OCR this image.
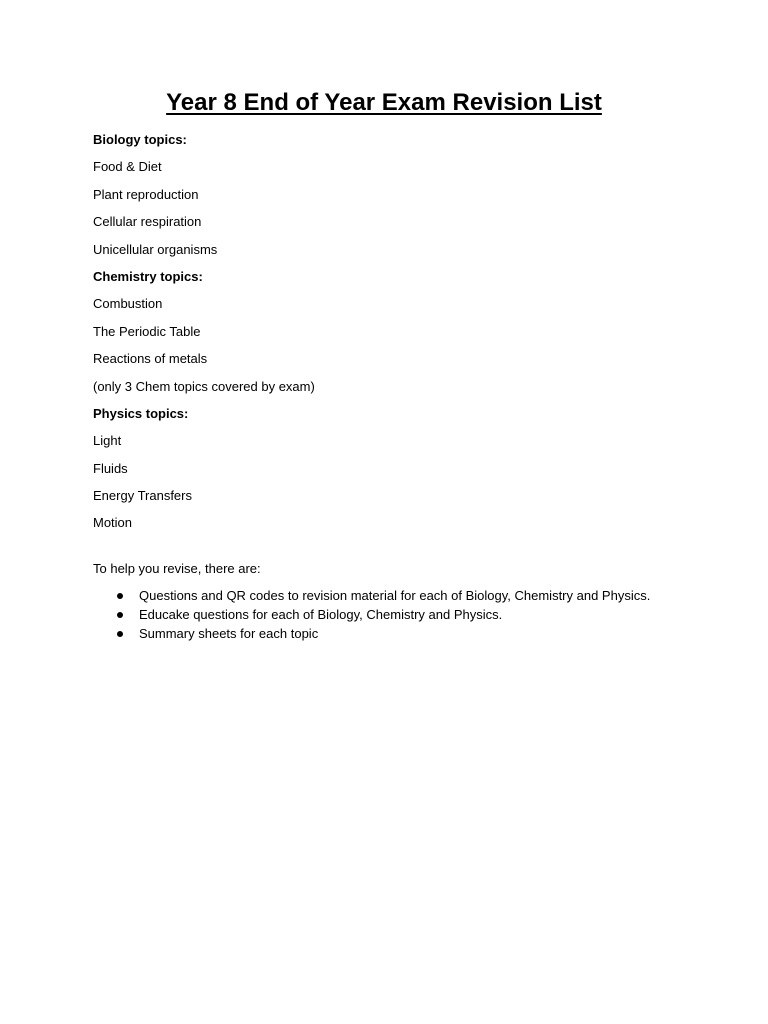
Year 8 End of Year Exam Revision List
Biology topics:
Food & Diet
Plant reproduction
Cellular respiration
Unicellular organisms
Chemistry topics:
Combustion
The Periodic Table
Reactions of metals
(only 3 Chem topics covered by exam)
Physics topics:
Light
Fluids
Energy Transfers
Motion
To help you revise, there are:
Questions and QR codes to revision material for each of Biology, Chemistry and Physics.
Educake questions for each of Biology, Chemistry and Physics.
Summary sheets for each topic
